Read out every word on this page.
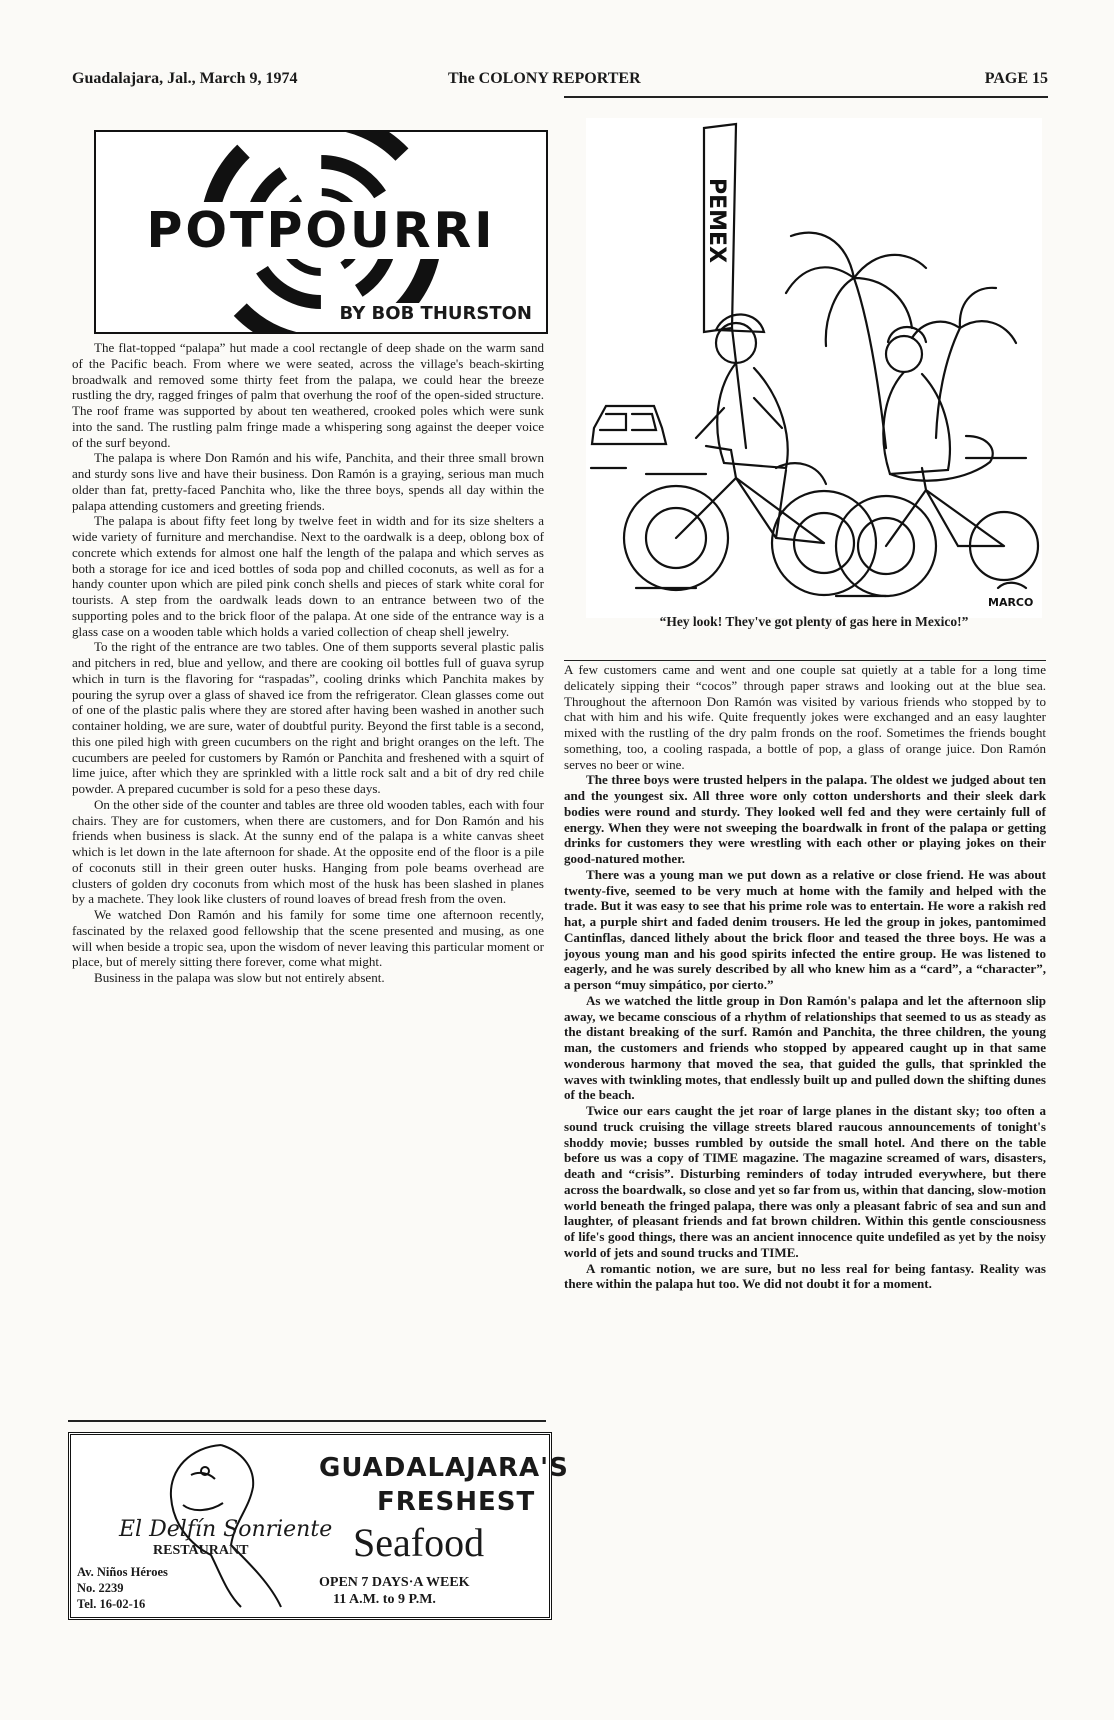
Guadalajara, Jal., March 9, 1974	The COLONY REPORTER	PAGE 15
POTPOURRI
BY BOB THURSTON

The flat-topped “palapa” hut made a cool rectangle of deep shade on the warm sand of the Pacific beach. From where we were seated, across the village's beach-skirting broadwalk and removed some thirty feet from the palapa, we could hear the breeze rustling the dry, ragged fringes of palm that overhung the roof of the open-sided structure. The roof frame was supported by about ten weathered, crooked poles which were sunk into the sand. The rustling palm fringe made a whispering song against the deeper voice of the surf beyond.

The palapa is where Don Ramón and his wife, Panchita, and their three small brown and sturdy sons live and have their business. Don Ramón is a graying, serious man much older than fat, pretty-faced Panchita who, like the three boys, spends all day within the palapa attending customers and greeting friends.

The palapa is about fifty feet long by twelve feet in width and for its size shelters a wide variety of furniture and merchandise. Next to the oardwalk is a deep, oblong box of concrete which extends for almost one half the length of the palapa and which serves as both a storage for ice and iced bottles of soda pop and chilled coconuts, as well as for a handy counter upon which are piled pink conch shells and pieces of stark white coral for tourists. A step from the oardwalk leads down to an entrance between two of the supporting poles and to the brick floor of the palapa. At one side of the entrance way is a glass case on a wooden table which holds a varied collection of cheap shell jewelry.

To the right of the entrance are two tables. One of them supports several plastic palis and pitchers in red, blue and yellow, and there are cooking oil bottles full of guava syrup which in turn is the flavoring for “raspadas”, cooling drinks which Panchita makes by pouring the syrup over a glass of shaved ice from the refrigerator. Clean glasses come out of one of the plastic palis where they are stored after having been washed in another such container holding, we are sure, water of doubtful purity. Beyond the first table is a second, this one piled high with green cucumbers on the right and bright oranges on the left. The cucumbers are peeled for customers by Ramón or Panchita and freshened with a squirt of lime juice, after which they are sprinkled with a little rock salt and a bit of dry red chile powder. A prepared cucumber is sold for a peso these days.

On the other side of the counter and tables are three old wooden tables, each with four chairs. They are for customers, when there are customers, and for Don Ramón and his friends when business is slack. At the sunny end of the palapa is a white canvas sheet which is let down in the late afternoon for shade. At the opposite end of the floor is a pile of coconuts still in their green outer husks. Hanging from pole beams overhead are clusters of golden dry coconuts from which most of the husk has been slashed in planes by a machete. They look like clusters of round loaves of bread fresh from the oven.

We watched Don Ramón and his family for some time one afternoon recently, fascinated by the relaxed good fellowship that the scene presented and musing, as one will when beside a tropic sea, upon the wisdom of never leaving this particular moment or place, but of merely sitting there forever, come what might.

Business in the palapa was slow but not entirely absent.

PEMEX
MARCO
“Hey look! They've got plenty of gas here in Mexico!”

A few customers came and went and one couple sat quietly at a table for a long time delicately sipping their “cocos” through paper straws and looking out at the blue sea. Throughout the afternoon Don Ramón was visited by various friends who stopped by to chat with him and his wife. Quite frequently jokes were exchanged and an easy laughter mixed with the rustling of the dry palm fronds on the roof. Sometimes the friends bought something, too, a cooling raspada, a bottle of pop, a glass of orange juice. Don Ramón serves no beer or wine.

The three boys were trusted helpers in the palapa. The oldest we judged about ten and the youngest six. All three wore only cotton undershorts and their sleek dark bodies were round and sturdy. They looked well fed and they were certainly full of energy. When they were not sweeping the boardwalk in front of the palapa or getting drinks for customers they were wrestling with each other or playing jokes on their good-natured mother.

There was a young man we put down as a relative or close friend. He was about twenty-five, seemed to be very much at home with the family and helped with the trade. But it was easy to see that his prime role was to entertain. He wore a rakish red hat, a purple shirt and faded denim trousers. He led the group in jokes, pantomimed Cantinflas, danced lithely about the brick floor and teased the three boys. He was a joyous young man and his good spirits infected the entire group. He was listened to eagerly, and he was surely described by all who knew him as a “card”, a “character”, a person “muy simpático, por cierto.”

As we watched the little group in Don Ramón's palapa and let the afternoon slip away, we became conscious of a rhythm of relationships that seemed to us as steady as the distant breaking of the surf. Ramón and Panchita, the three children, the young man, the customers and friends who stopped by appeared caught up in that same wonderous harmony that moved the sea, that guided the gulls, that sprinkled the waves with twinkling motes, that endlessly built up and pulled down the shifting dunes of the beach.

Twice our ears caught the jet roar of large planes in the distant sky; too often a sound truck cruising the village streets blared raucous announcements of tonight's shoddy movie; busses rumbled by outside the small hotel. And there on the table before us was a copy of TIME magazine. The magazine screamed of wars, disasters, death and “crisis”. Disturbing reminders of today intruded everywhere, but there across the boardwalk, so close and yet so far from us, within that dancing, slow-motion world beneath the fringed palapa, there was only a pleasant fabric of sea and sun and laughter, of pleasant friends and fat brown children. Within this gentle consciousness of life's good things, there was an ancient innocence quite undefiled as yet by the noisy world of jets and sound trucks and TIME.

A romantic notion, we are sure, but no less real for being fantasy. Reality was there within the palapa hut too. We did not doubt it for a moment.

El Delfín Sonriente
RESTAURANT
GUADALAJARA'S
FRESHEST
Seafood
Av. Niños Héroes
No. 2239
Tel. 16-02-16
OPEN 7 DAYS·A WEEK
11 A.M. to 9 P.M.
